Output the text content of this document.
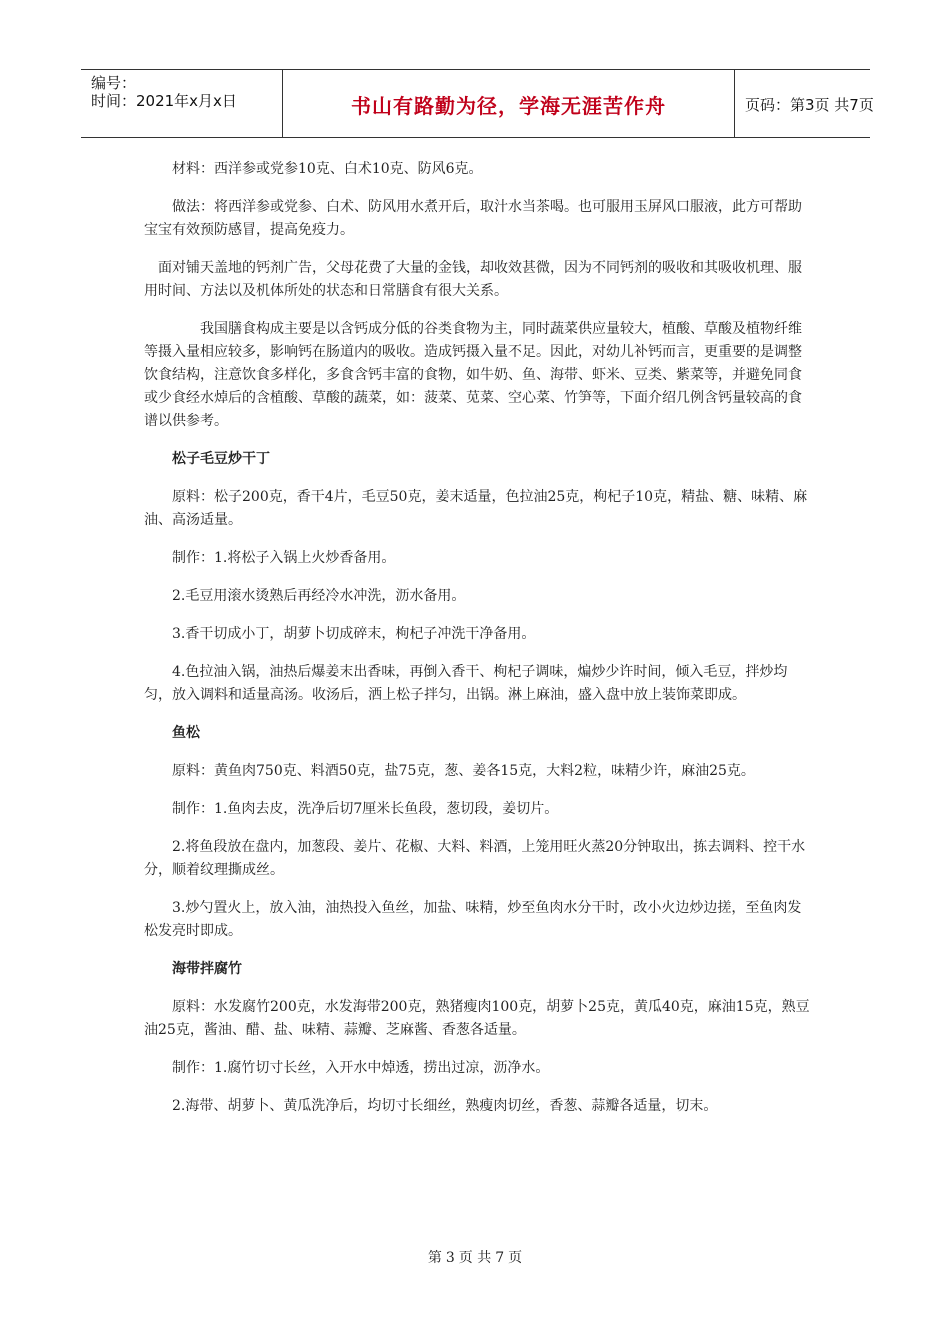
编号：
时间：2021年x月x日	书山有路勤为径，学海无涯苦作舟	页码：第3页 共7页

材料：西洋参或党参10克、白术10克、防风6克。

做法：将西洋参或党参、白术、防风用水煮开后，取汁水当茶喝。也可服用玉屏风口服液，此方可帮助宝宝有效预防感冒，提高免疫力。

面对铺天盖地的钙剂广告，父母花费了大量的金钱，却收效甚微，因为不同钙剂的吸收和其吸收机理、服用时间、方法以及机体所处的状态和日常膳食有很大关系。

我国膳食构成主要是以含钙成分低的谷类食物为主，同时蔬菜供应量较大，植酸、草酸及植物纤维等摄入量相应较多，影响钙在肠道内的吸收。造成钙摄入量不足。因此，对幼儿补钙而言，更重要的是调整饮食结构，注意饮食多样化，多食含钙丰富的食物，如牛奶、鱼、海带、虾米、豆类、紫菜等，并避免同食或少食经水焯后的含植酸、草酸的蔬菜，如：菠菜、苋菜、空心菜、竹笋等，下面介绍几例含钙量较高的食谱以供参考。

松子毛豆炒干丁

原料：松子200克，香干4片，毛豆50克，姜末适量，色拉油25克，枸杞子10克，精盐、糖、味精、麻油、高汤适量。

制作：1.将松子入锅上火炒香备用。

2.毛豆用滚水烫熟后再经冷水冲洗，沥水备用。

3.香干切成小丁，胡萝卜切成碎末，枸杞子冲洗干净备用。

4.色拉油入锅，油热后爆姜末出香味，再倒入香干、枸杞子调味，煸炒少许时间，倾入毛豆，拌炒均匀，放入调料和适量高汤。收汤后，洒上松子拌匀，出锅。淋上麻油，盛入盘中放上装饰菜即成。

鱼松

原料：黄鱼肉750克、料酒50克，盐75克，葱、姜各15克，大料2粒，味精少许，麻油25克。

制作：1.鱼肉去皮，洗净后切7厘米长鱼段，葱切段，姜切片。

2.将鱼段放在盘内，加葱段、姜片、花椒、大料、料酒，上笼用旺火蒸20分钟取出，拣去调料、控干水分，顺着纹理撕成丝。

3.炒勺置火上，放入油，油热投入鱼丝，加盐、味精，炒至鱼肉水分干时，改小火边炒边搓，至鱼肉发松发亮时即成。

海带拌腐竹

原料：水发腐竹200克，水发海带200克，熟猪瘦肉100克，胡萝卜25克，黄瓜40克，麻油15克，熟豆油25克，酱油、醋、盐、味精、蒜瓣、芝麻酱、香葱各适量。

制作：1.腐竹切寸长丝，入开水中焯透，捞出过凉，沥净水。

2.海带、胡萝卜、黄瓜洗净后，均切寸长细丝，熟瘦肉切丝，香葱、蒜瓣各适量，切末。

第 3 页 共 7 页
